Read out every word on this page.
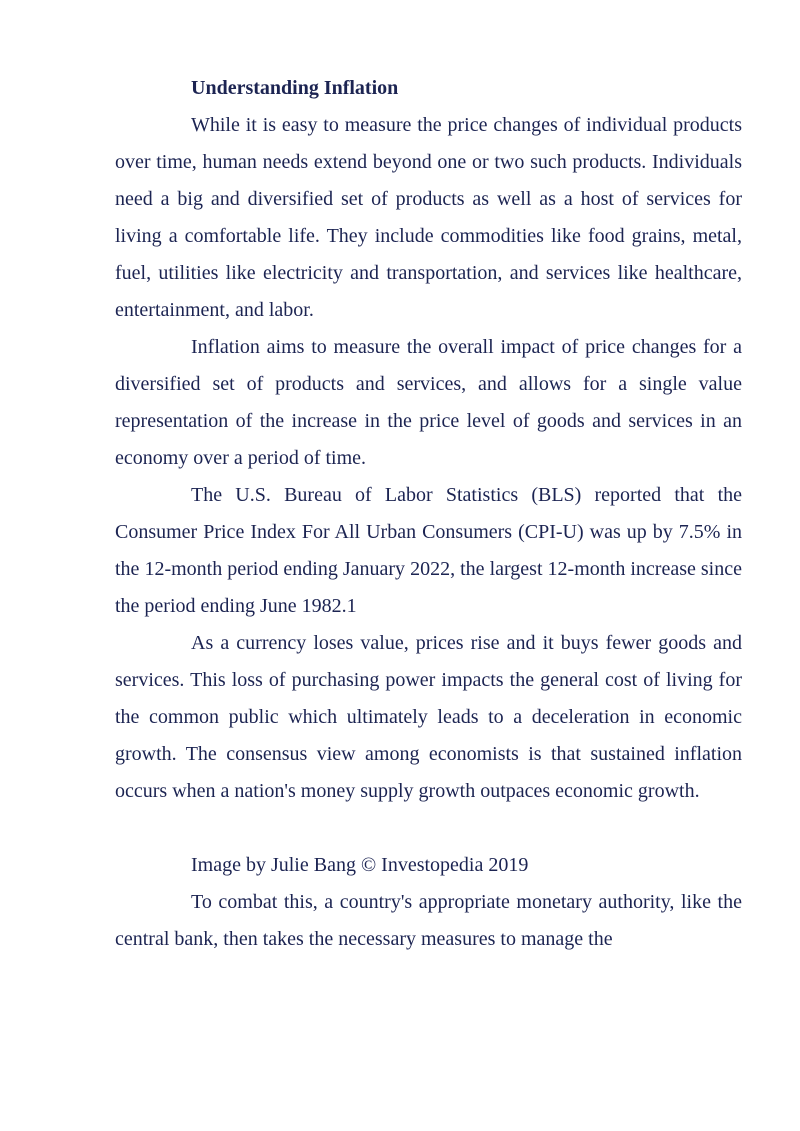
Understanding Inflation

While it is easy to measure the price changes of individual products over time, human needs extend beyond one or two such products. Individuals need a big and diversified set of products as well as a host of services for living a comfortable life. They include commodities like food grains, metal, fuel, utilities like electricity and transportation, and services like healthcare, entertainment, and labor.

Inflation aims to measure the overall impact of price changes for a diversified set of products and services, and allows for a single value representation of the increase in the price level of goods and services in an economy over a period of time.

The U.S. Bureau of Labor Statistics (BLS) reported that the Consumer Price Index For All Urban Consumers (CPI-U) was up by 7.5% in the 12-month period ending January 2022, the largest 12-month increase since the period ending June 1982.1

As a currency loses value, prices rise and it buys fewer goods and services. This loss of purchasing power impacts the general cost of living for the common public which ultimately leads to a deceleration in economic growth. The consensus view among economists is that sustained inflation occurs when a nation's money supply growth outpaces economic growth.

Image by Julie Bang © Investopedia 2019

To combat this, a country's appropriate monetary authority, like the central bank, then takes the necessary measures to manage the
